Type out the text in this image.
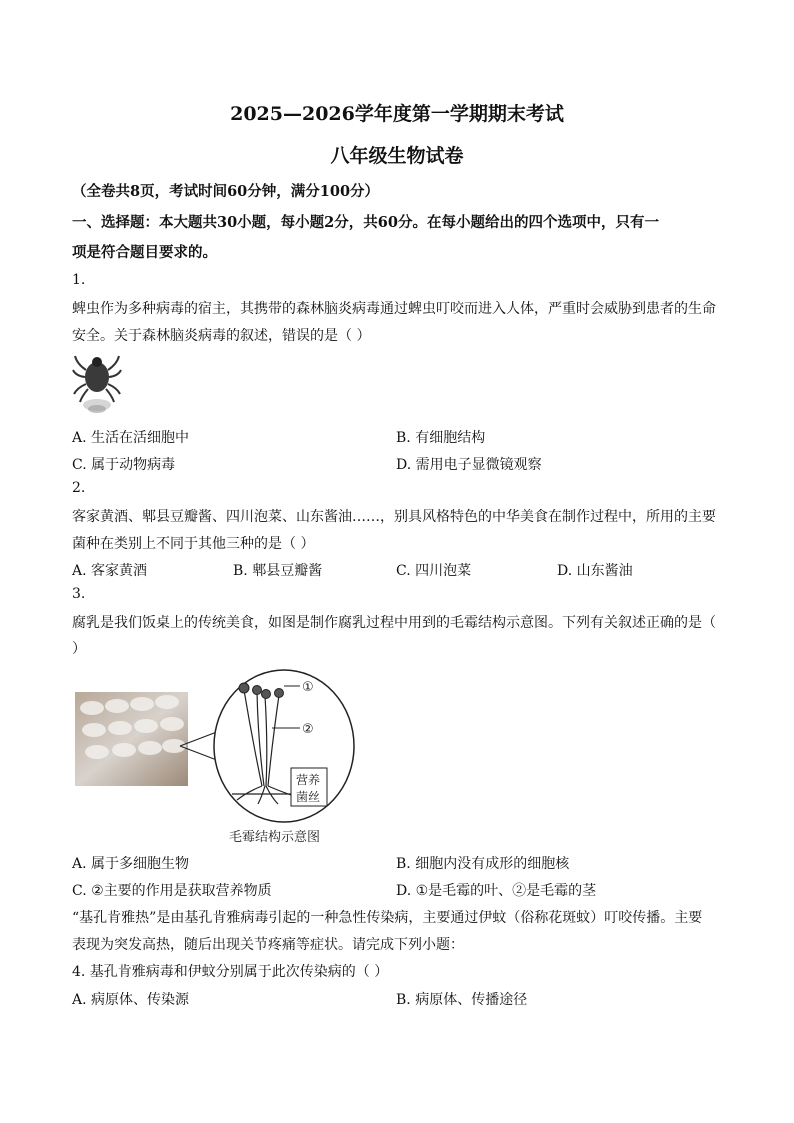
2025—2026学年度第一学期期末考试
八年级生物试卷
（全卷共8页，考试时间60分钟，满分100分）
一、选择题：本大题共30小题，每小题2分，共60分。在每小题给出的四个选项中，只有一
项是符合题目要求的。
1.
蜱虫作为多种病毒的宿主，其携带的森林脑炎病毒通过蜱虫叮咬而进入人体，严重时会威胁到患者的生命
安全。关于森林脑炎病毒的叙述，错误的是（ ）
A. 生活在活细胞中	B. 有细胞结构
C. 属于动物病毒	D. 需用电子显微镜观察
2.
客家黄酒、郫县豆瓣酱、四川泡菜、山东酱油……，别具风格特色的中华美食在制作过程中，所用的主要
菌种在类别上不同于其他三种的是（ ）
A. 客家黄酒	B. 郫县豆瓣酱	C. 四川泡菜	D. 山东酱油
3.
腐乳是我们饭桌上的传统美食，如图是制作腐乳过程中用到的毛霉结构示意图。下列有关叙述正确的是（
）
①
②
营养
菌丝
毛霉结构示意图
A. 属于多细胞生物	B. 细胞内没有成形的细胞核
C. ②主要的作用是获取营养物质	D. ①是毛霉的叶、②是毛霉的茎
“基孔肯雅热”是由基孔肯雅病毒引起的一种急性传染病，主要通过伊蚊（俗称花斑蚊）叮咬传播。主要
表现为突发高热，随后出现关节疼痛等症状。请完成下列小题：
4. 基孔肯雅病毒和伊蚊分别属于此次传染病的（ ）
A. 病原体、传染源	B. 病原体、传播途径
